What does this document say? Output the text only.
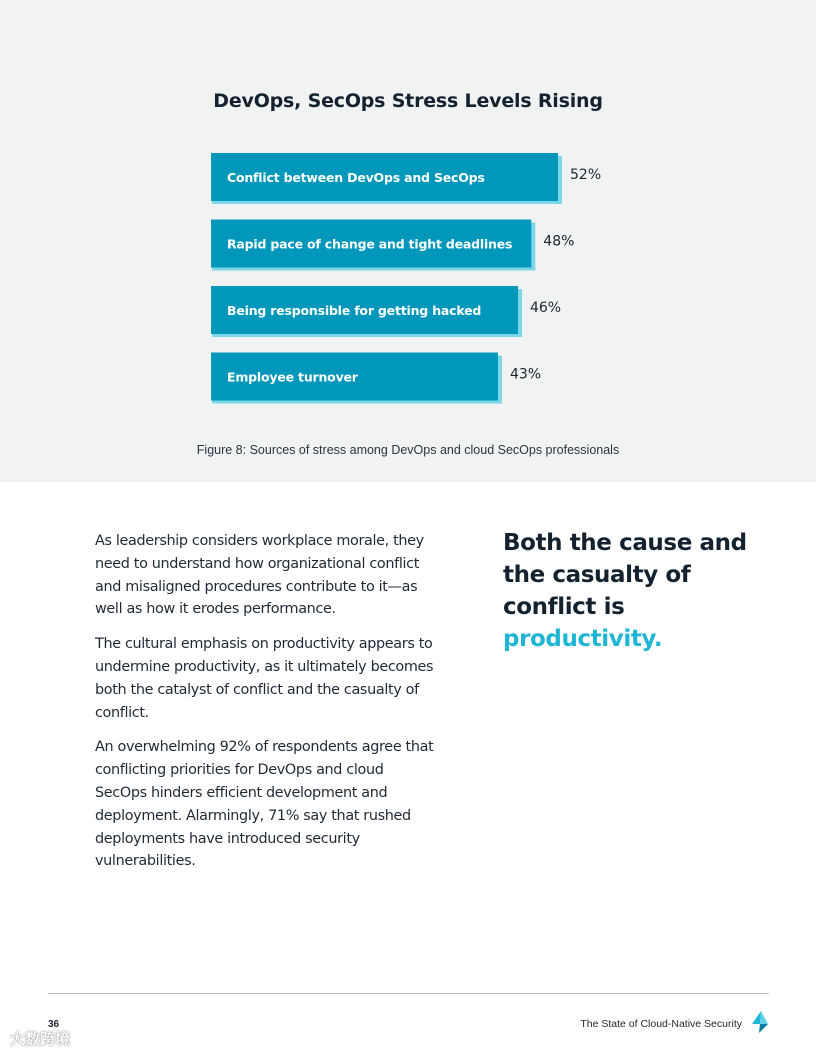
DevOps, SecOps Stress Levels Rising
Conflict between DevOps and SecOps	52%
Rapid pace of change and tight deadlines 48%
Being responsible for getting hacked	46%
Employee turnover	43%
Figure 8: Sources of stress among DevOps and cloud SecOps professionals

As leadership considers workplace morale, they need to understand how organizational conflict and misaligned procedures contribute to it—as well as how it erodes performance.

The cultural emphasis on productivity appears to undermine productivity, as it ultimately becomes both the catalyst of conflict and the casualty of conflict.

An overwhelming 92% of respondents agree that conflicting priorities for DevOps and cloud SecOps hinders efficient development and deployment. Alarmingly, 71% say that rushed deployments have introduced security vulnerabilities.

Both the cause and the casualty of conflict is
productivity.
36	The State of Cloud-Native Security
大数跨境
